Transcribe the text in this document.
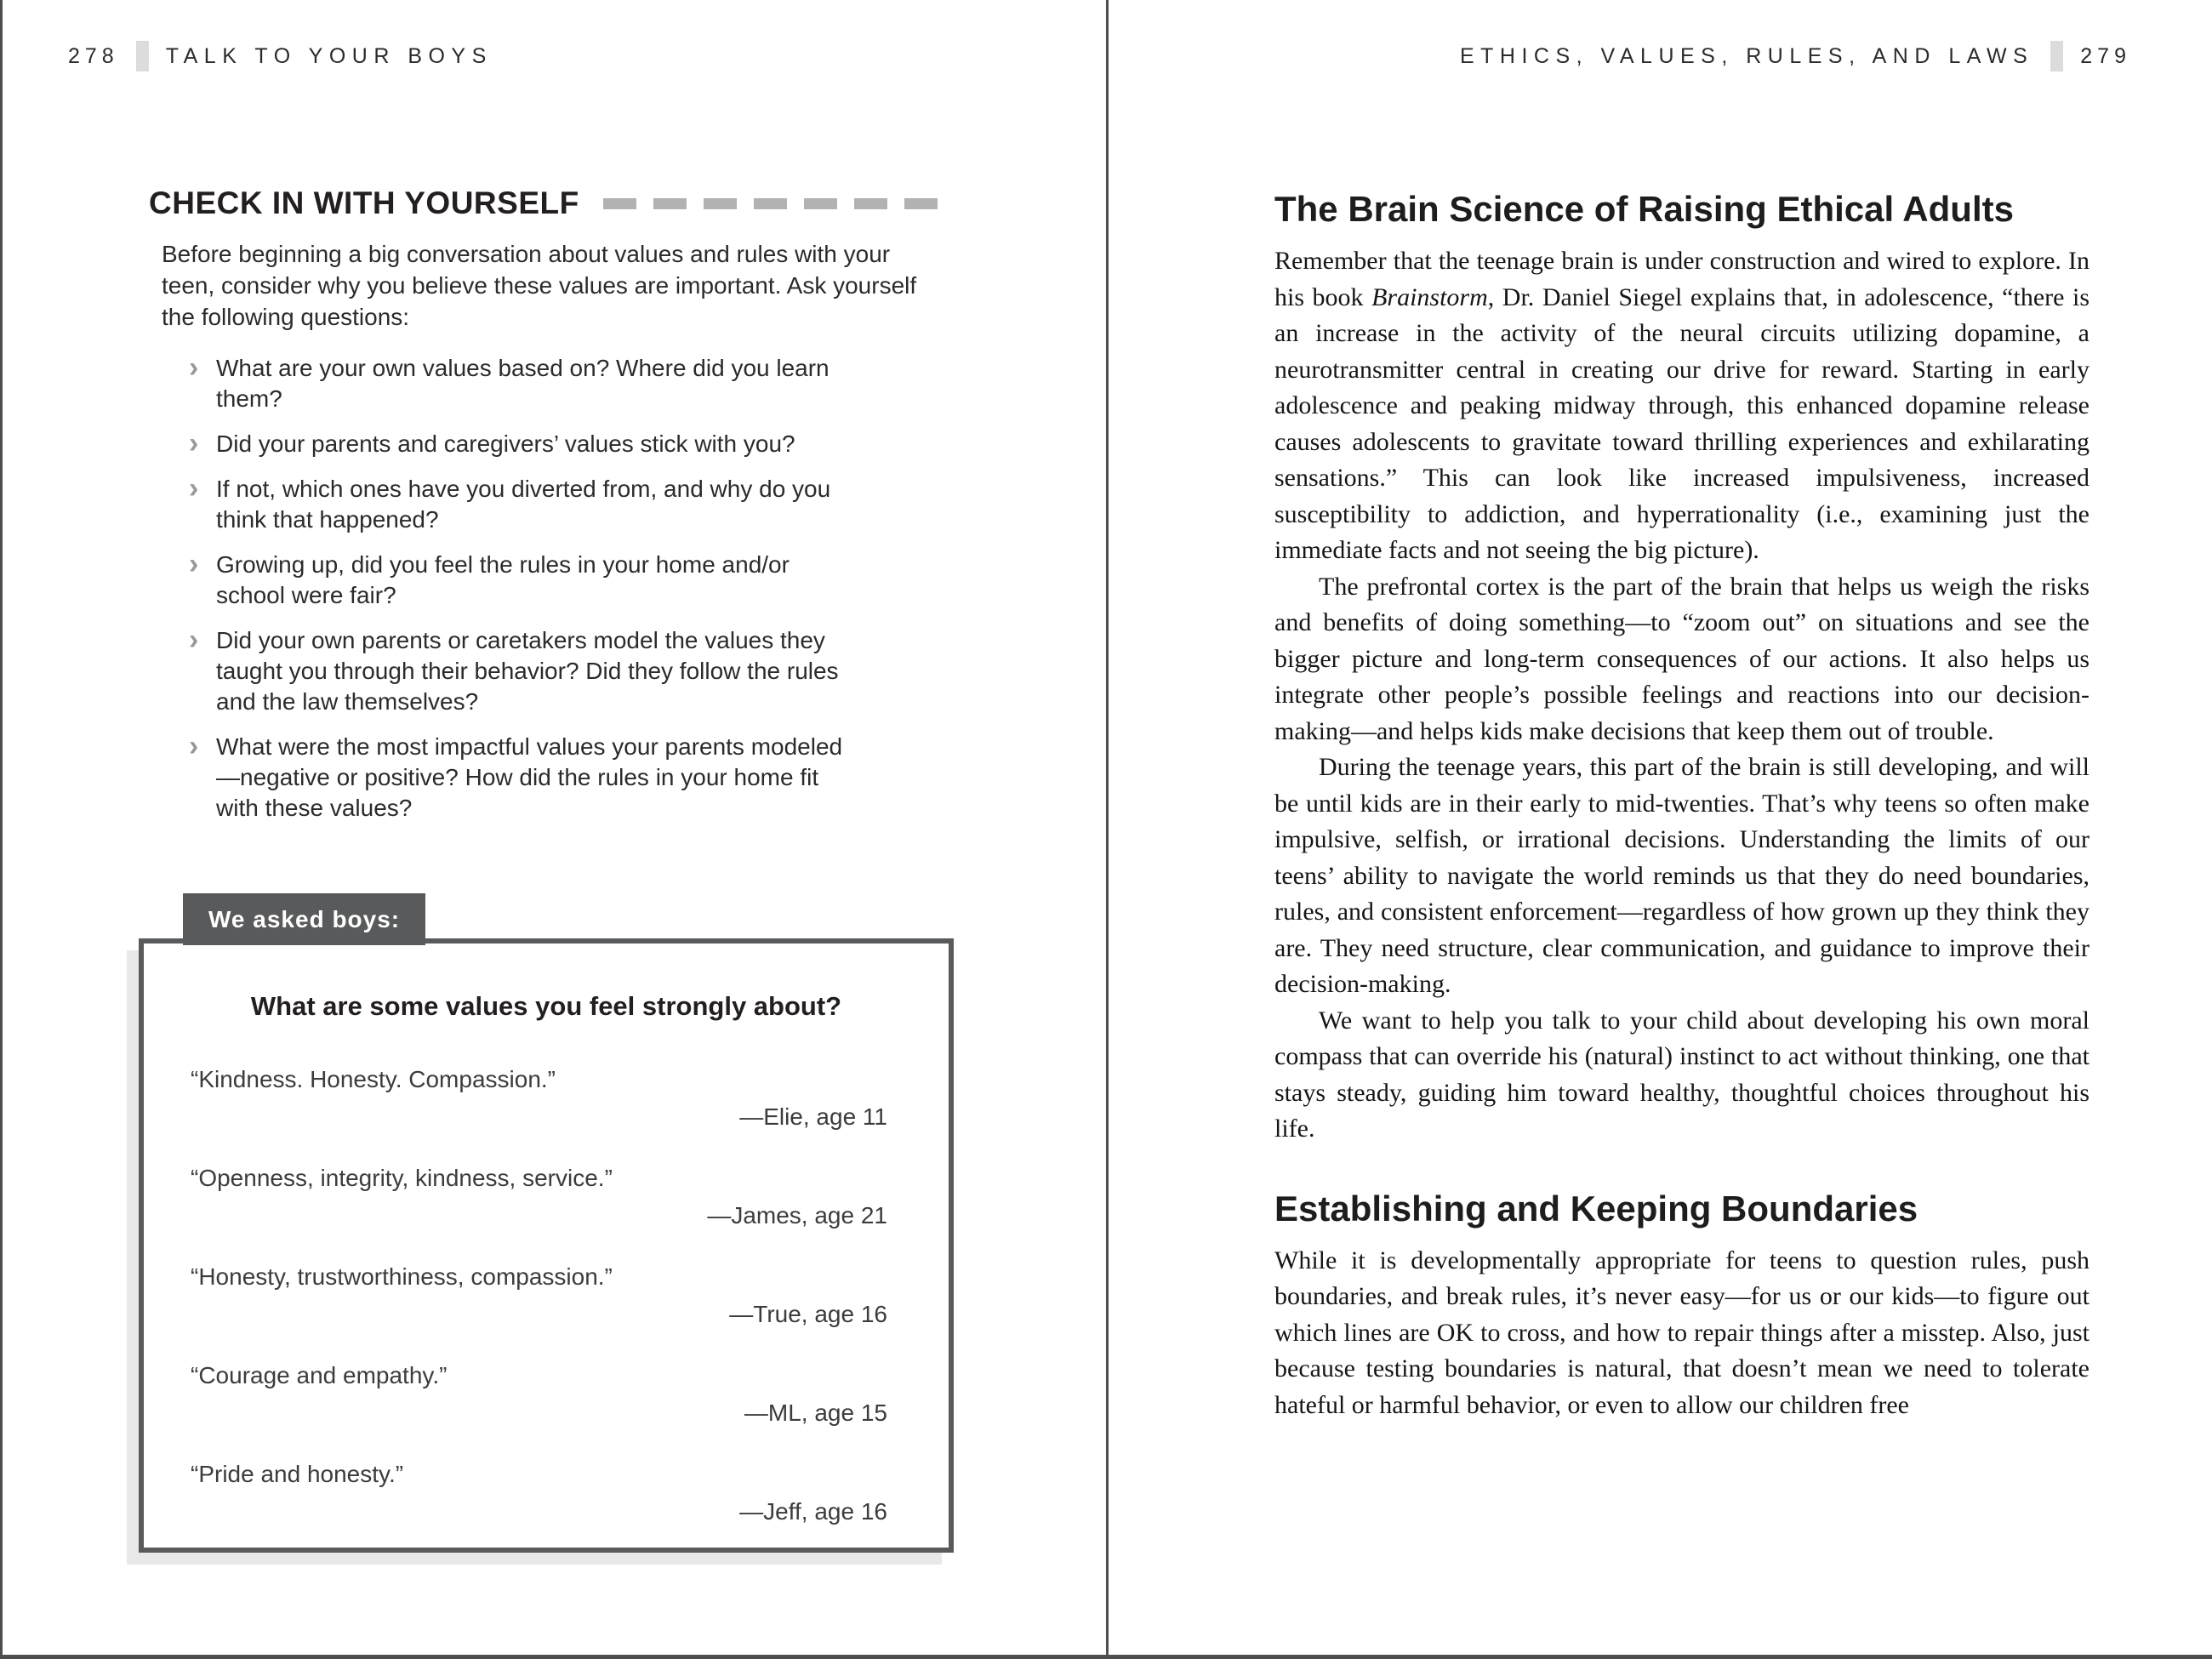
278 TALK TO YOUR BOYS
CHECK IN WITH YOURSELF
Before beginning a big conversation about values and rules with your teen, consider why you believe these values are important. Ask yourself the following questions:
› What are your own values based on? Where did you learn them?
› Did your parents and caregivers’ values stick with you?
› If not, which ones have you diverted from, and why do you think that happened?
› Growing up, did you feel the rules in your home and/or school were fair?
› Did your own parents or caretakers model the values they taught you through their behavior? Did they follow the rules and the law themselves?
› What were the most impactful values your parents modeled—negative or positive? How did the rules in your home fit with these values?
We asked boys:
What are some values you feel strongly about?
“Kindness. Honesty. Compassion.”
—Elie, age 11
“Openness, integrity, kindness, service.”
—James, age 21
“Honesty, trustworthiness, compassion.”
—True, age 16
“Courage and empathy.”
—ML, age 15
“Pride and honesty.”
—Jeff, age 16
ETHICS, VALUES, RULES, AND LAWS 279
The Brain Science of Raising Ethical Adults

Remember that the teenage brain is under construction and wired to explore. In his book Brainstorm, Dr. Daniel Siegel explains that, in adolescence, “there is an increase in the activity of the neural circuits utilizing dopamine, a neurotransmitter central in creating our drive for reward. Starting in early adolescence and peaking midway through, this enhanced dopamine release causes adolescents to gravitate toward thrilling experiences and exhilarating sensations.” This can look like increased impulsiveness, increased susceptibility to addiction, and hyperrationality (i.e., examining just the immediate facts and not seeing the big picture).

The prefrontal cortex is the part of the brain that helps us weigh the risks and benefits of doing something—to “zoom out” on situations and see the bigger picture and long-term consequences of our actions. It also helps us integrate other people’s possible feelings and reactions into our decision-making—and helps kids make decisions that keep them out of trouble.

During the teenage years, this part of the brain is still developing, and will be until kids are in their early to mid-twenties. That’s why teens so often make impulsive, selfish, or irrational decisions. Understanding the limits of our teens’ ability to navigate the world reminds us that they do need boundaries, rules, and consistent enforcement—regardless of how grown up they think they are. They need structure, clear communication, and guidance to improve their decision-making.

We want to help you talk to your child about developing his own moral compass that can override his (natural) instinct to act without thinking, one that stays steady, guiding him toward healthy, thoughtful choices throughout his life.

Establishing and Keeping Boundaries

While it is developmentally appropriate for teens to question rules, push boundaries, and break rules, it’s never easy—for us or our kids—to figure out which lines are OK to cross, and how to repair things after a misstep. Also, just because testing boundaries is natural, that doesn’t mean we need to tolerate hateful or harmful behavior, or even to allow our children free
